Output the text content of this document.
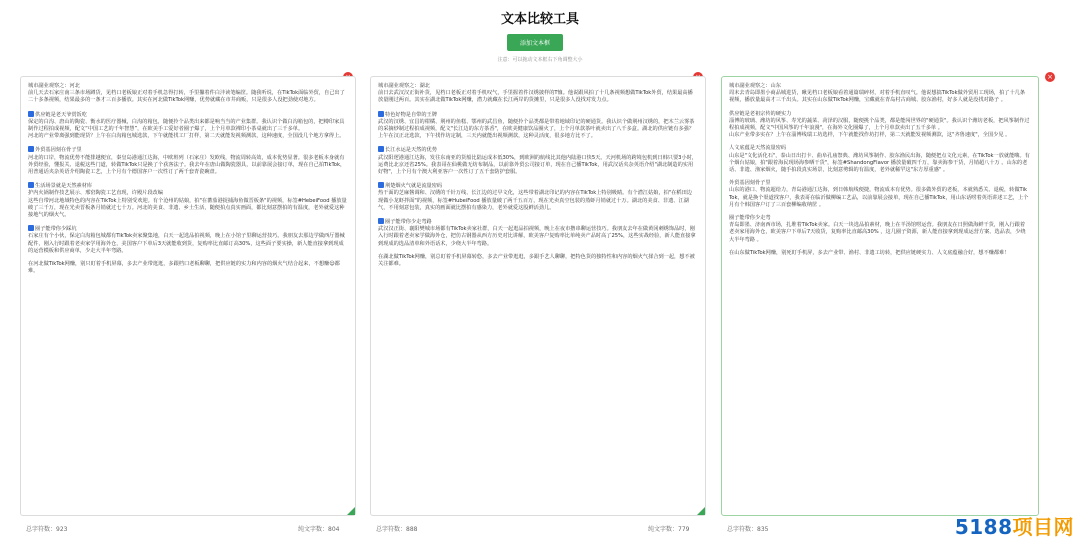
文本比较工具
添加文本框
注意：可以拖动文本框右下角调整大小
城市副业观察之：河北
前几天去石家庄南三条市场蹲货，见档口老板娘正对着手机急得打转，手里攥着件白沣读笔编筐。随我听说，在TikTok面临外贸，自己出了二十多条视频，结果最多的一条才三百多播放。其实在河北做TikTok网赚，优势就藏在市井商贩，只是很多人没把劲使对地方。
供应链是老天爷赏饭吃
保定的白沟、唐山的陶瓷、衡水的医疗器械，白沟的箱包，随便拎个品类出来都是响当当的产业集群。我认识个做白沟箱包的，把樽印家具制作过程拍成视频，配文“中国工艺的千年智慧”，在欧美手工爱好者圈子爆了，上个月单款裸印小茶桌就出了三千多单。
河北的产业带离强到能现货？上午在白沟箱包城选款，下午就能找工厂打样，第二天就能发视频测款，这种速度，全国没几个地方拿得上。
外贸基因刻在骨子里
河北的口岸，物流优势不能排越便宜，秦皇岛港通江达海，中欧班列（石家庄）发欧线，物流周转高效，成本优势显著。很多老板本身就有外贸经验，懂报关、退税这些门道，转做TikTok只是换了个获客法子。我去年在唐山做陶瓷器具，以前靠展会接订单，现在自己拍TikTok，用普通话夹杂英语介绍陶瓷工艺，上个月有个德国客户一次性订了两千套青瓷碗盘。
生活场景就是天然素材库
护内火锅制作技艺展示、邢窑陶瓷工艺直现，许殿片段改编
这些自带河北地域特色的内容在TikTok上特别受欢迎。有个沧州的姑娘，拍"在蕃茄港捉捕海鱼做晋板条"的视频，标签#HebeiFood 播放量破了三千万，现在光卖晋板条月销就过七十万。河北的美食、非遗、乡土生活，随便拍点真实画面，都比刻意摆拍的有温度，老外就爱这种接地气的烟火气。
圈子能带你少踩坑
石家庄有个小伙，保定白沟箱包城都有TikTok卖家聚集地，白天一起选品拍视频，晚上在小馆子里聊运营技巧。我朋友去那边学做西厅器械配件，刚入行时跟着老卖家学用海外仓，美国客户下单后3天就能收到货，复购率比直邮订高30%，这些面子要实操，新人能直接拿到现成的运营模板和供应商单，少走大半年弯路。
在河北做TikTok网赚，别只盯着手机屏幕，多去产业带逛逛，多跟档口老板聊聊，把供应链的实力和内容的烟火气结合起来，不想赚😊都难。
总字符数：923	纯文字数：804
城市副业观察之：湖北
前日去武汉汉正街补货，见档口老板正对着手机叹气，手里握着件汉绣披样的T恤。他说跟风拍了十几条视频想做TikTok外贸，结果最高播放量刚过两百。其实在湖北做TikTok网赚，潜力就藏在长江两岸的货摊里，只是很多人没找对发力点。
特色好物是自带的王牌
武汉的汉绣、宜昌的柑橘、荆州的鱼糕、鄂州的武昌鱼，随便拎个品类都是带着地域印记的硬通货。我认识个做荆州汉绣的，把木兰云雾茶的采摘炒制过程拍成视频，配文"长江边的东方茶香"，在欧美健康饮品圈火了，上个月单款茶叶就卖出了八千多盒。湖北的供应链有多强？上午在汉正北选款，下午找作坊定制，三天内就能出视频测款，这种灵活度，很多地方比不了。
长江水运是天然的优势
武汉阳逻港通江达海，发往东南亚的货船比陆运成本低30%，到欧洲的航线比其他内陆港口快5天。天河机场的跨境包机到日韩只要3小时，运费比北京还省25%。我表哥在仙桃做无纺布制品，以前靠外贸公司接订单，现在自己播TikTok，用武汉话夹杂英语介绍"湖北制造的实用好物"，上个月有个澳大利亚客户一次性订了五千套防护套服。
荆楚烟火气就是流量密码
热干面的芝麻酱调和、汉绣的千针万线、长江边的过早文化，这些带着湖北印记的内容在TikTok上特别吸睛。有个潜江姑娘，拍"在稻田边现做小龙虾拌面"的视频，标签#HubeiFood 播放量破了两千五百万，现在光卖真空包装的蒸虾月销就过十万。湖北的美食、非遗、江湖气，不用刻意包装，真实的画面就比摆拍有感染力，老外就爱这股鲜活劲儿。
圈子能带你少走弯路
武汉汉正街、襄阳樊城市场都有TikTok卖家社群，白天一起逛品拍视频，晚上在夜市撸串聊运营技巧。我朋友去年在做黄冈刺绣饰品时，刚入行时跟着老卖家学做海外仓，把仿古钢器从西方历史对比讲解，欧美客户复购率比单纯卖产品时高了25%，这些实战经验，新人能直接拿到现成的选品清单和外语话术，少绕大半年弯路。
在湖北做TikTok网赚，别总盯着手机屏幕转悠，多去产业带逛逛，多跟手艺人聊聊，把特色货的独特性和内容的烟火气揉合到一起，想不被关注都难。
总字符数：888	纯文字数：779
×
城市副业观察之：山东
周末去青岛即墨小商品城进货，瞅见档口老板娘看着通篇瑞碎材，对着手机直叹气。他说想搞TikTok做外贸用工现场，拍了十几条视频，播放量最高才三千出头。其实在山东做TikTok网赚，宝藏就在青岛村古商城、胶东渔村，好多人就是没找对路子 。
供应链是老祖宗传的硬实力
淄博的玻璃、潍坊的风筝、寿光的蔬菜、菏泽的汉服，随便挑个品类，都是能闯世界的"硬通货"。我认识个潍坊老板，把风筝制作过程拍成视频，配文"中国风筝的千年浪漫"，在海外文化圈爆了，上个月单款卖出了五千多单 。
山东产业带多实在？上午在淄博线瑞工坊选样，下午就能找作坊打样，第二天就能发视频测款，这"齐鲁速度"，全国少见 。
人文底蕴是天然流量密码
山东是"文化活化石"，泰山日出打卡、曲阜孔庙祭典、潍坊风筝制作、胶东渔民出海，随便把点文化元素，在TikTok一放就能嗨。有个烟台姑娘，拍"跟着海民现场海参晒干货"，标签#ShandongFlavor 播放量破四千万，靠卖海参干货，月销超八十万 。山东的老话、非遗、渔家烟火，随手拍段真实场景，比刻意剪辑的有温度，老外就稀罕这"东方厚重感" 。
外贸基因刻骨子里
山东的港口、物流超给力，青岛港通江达海，到日韩航线便捷，物流成本有优势。很多做外贸的老板，本就熟悉关、退税，转做TikTok，就是换个渠道找客户，我表哥在临沂做柳编工艺品，以前靠展会接单，现在自己播TikTok，用山东话唠着英语讲述工艺，上个月有个韩国客户订了三百套柳编收纳筐 。
圈子能带你少走弯
青岛即墨、济南西市场，扎堆着TikTok卖家。白天一块选品拍素材，晚上在羊汤馆唠运营。我朋友在日照做海鲜干货，刚入行跟着老卖家用海外仓，欧美客户下单后7天收货，复购率比直邮高30% ，这几圈子资源，新人能直接拿到现成运营方案、选品表，少绕大半年弯路 。
在山东做TikTok网赚，别死盯手机屏，多去产业带、渔村、非遗工坊转，把供应链硬实力、人文底蕴融合好，想不赚都难！
总字符数：835	5188项目网
